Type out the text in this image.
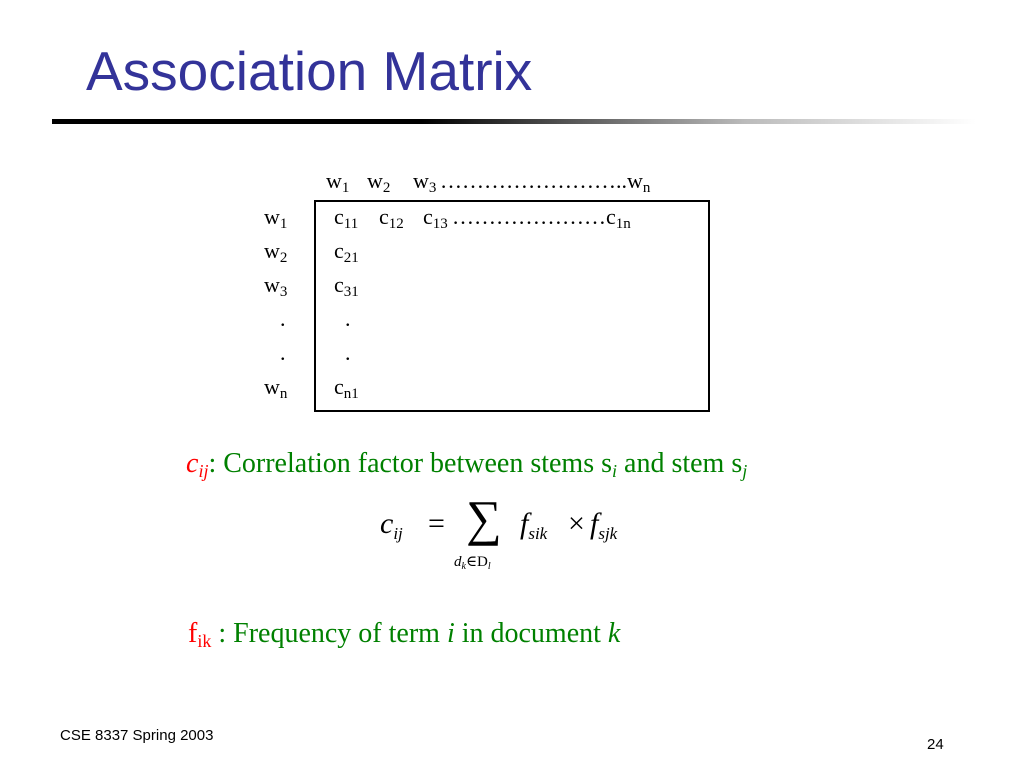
Association Matrix
$w_1$ $w_2$ $w_3$ $\dots\dots\dots\dots\dots\dots\dots\dots..w_n$
$w_1$
$w_2$
$w_3$
.
.
$w_n$
$c_{11}$ $c_{12}$ $c_{13}$ $\dots\dots\dots\dots\dots\dots\dots c_{1n}$
$c_{21}$
$c_{31}$
.
.
$c_{n1}$
$c_{ij}$: Correlation factor between stems $s_i$ and stem $s_j$
$c_{ij}$ = ∑
$d_k\in D_l$
$f_{sik} \times f_{sjk}$
$f_{ik}$ : Frequency of term i in document k
CSE 8337 Spring 2003
24
